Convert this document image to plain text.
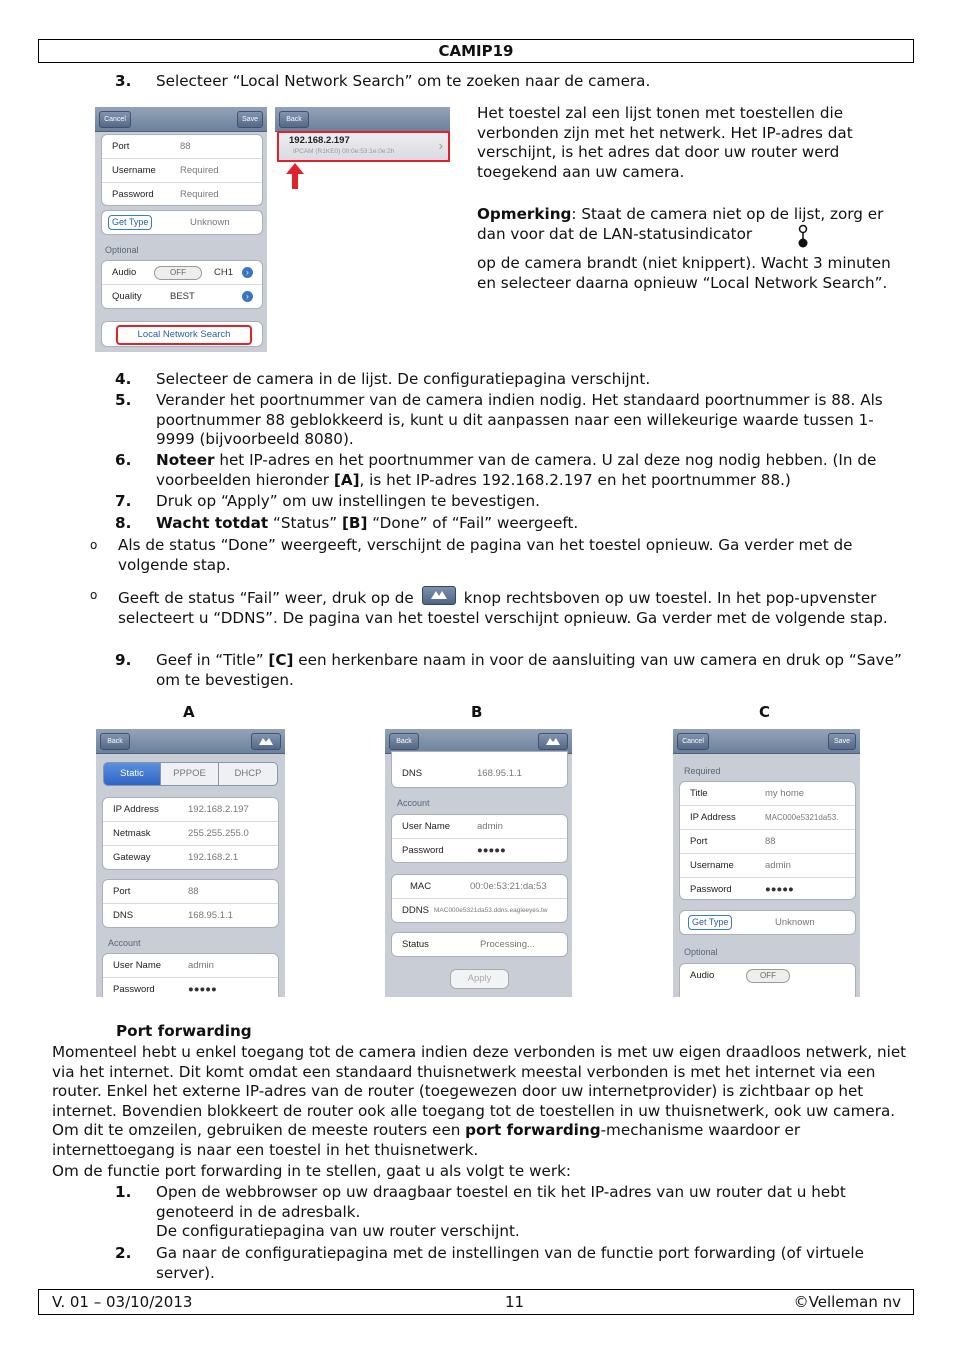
CAMIP19
3. Selecteer “Local Network Search” om te zoeken naar de camera.
Cancel	Save
Port	88
Username	Required
Password	Required
Get Type	Unknown
Optional
Audio	OFF	CH1	›
Quality	BEST	›
Local Network Search
Back
192.168.2.197
IPCAM (R1KE0) 00:0e:53:1e:0e:2h	›
Het toestel zal een lijst tonen met toestellen die verbonden zijn met het netwerk. Het IP-adres dat verschijnt, is het adres dat door uw router werd toegekend aan uw camera.
Opmerking: Staat de camera niet op de lijst, zorg er dan voor dat de LAN-statusindicator
op de camera brandt (niet knippert). Wacht 3 minuten en selecteer daarna opnieuw “Local Network Search”.
4. Selecteer de camera in de lijst. De configuratiepagina verschijnt.
5. Verander het poortnummer van de camera indien nodig. Het standaard poortnummer is 88. Als poortnummer 88 geblokkeerd is, kunt u dit aanpassen naar een willekeurige waarde tussen 1-9999 (bijvoorbeeld 8080).
6. Noteer het IP-adres en het poortnummer van de camera. U zal deze nog nodig hebben. (In de voorbeelden hieronder [A], is het IP-adres 192.168.2.197 en het poortnummer 88.)
7. Druk op “Apply” om uw instellingen te bevestigen.
8. Wacht totdat “Status” [B] “Done” of “Fail” weergeeft.
o Als de status “Done” weergeeft, verschijnt de pagina van het toestel opnieuw. Ga verder met de volgende stap.
o Geeft de status “Fail” weer, druk op de	knop rechtsboven op uw toestel. In het pop-upvenster selecteert u “DDNS”. De pagina van het toestel verschijnt opnieuw. Ga verder met de volgende stap.
9. Geef in “Title” [C] een herkenbare naam in voor de aansluiting van uw camera en druk op “Save” om te bevestigen.
A	B	C
Back
Static	PPPOE	DHCP
IP Address	192.168.2.197
Netmask	255.255.255.0
Gateway	192.168.2.1
Port	88
DNS	168.95.1.1
Account
User Name	admin
Password	●●●●●
Back
DNS	168.95.1.1
Account
User Name	admin
Password	●●●●●
MAC	00:0e:53:21:da:53
DDNS MAC000e5321da53.ddns.eagleeyes.tw
Status	Processing...
Apply
Cancel	Save
Required
Title	my home
IP Address	MAC000e5321da53.
Port	88
Username	admin
Password	●●●●●
Get Type	Unknown
Optional
Audio	OFF
Port forwarding
Momenteel hebt u enkel toegang tot de camera indien deze verbonden is met uw eigen draadloos netwerk, niet via het internet. Dit komt omdat een standaard thuisnetwerk meestal verbonden is met het internet via een router. Enkel het externe IP-adres van de router (toegewezen door uw internetprovider) is zichtbaar op het internet. Bovendien blokkeert de router ook alle toegang tot de toestellen in uw thuisnetwerk, ook uw camera. Om dit te omzeilen, gebruiken de meeste routers een port forwarding-mechanisme waardoor er internettoegang is naar een toestel in het thuisnetwerk.
Om de functie port forwarding in te stellen, gaat u als volgt te werk:
1. Open de webbrowser op uw draagbaar toestel en tik het IP-adres van uw router dat u hebt genoteerd in de adresbalk.
De configuratiepagina van uw router verschijnt.
2. Ga naar de configuratiepagina met de instellingen van de functie port forwarding (of virtuele server).
V. 01 – 03/10/2013	11	©Velleman nv
